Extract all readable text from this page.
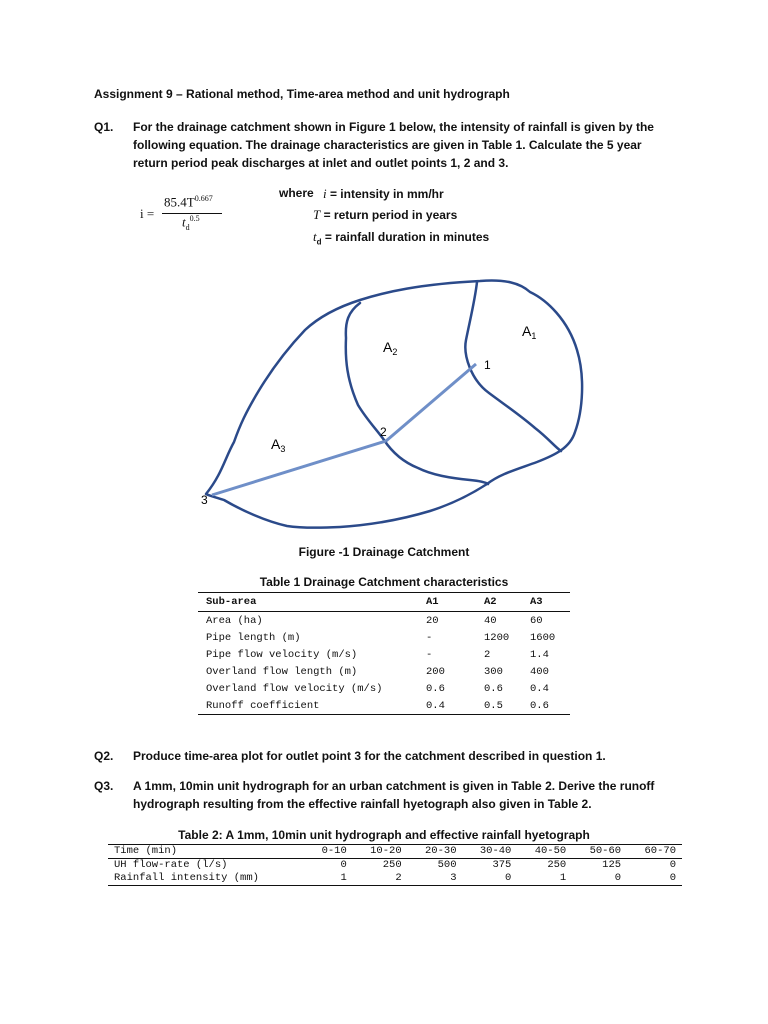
Assignment 9 – Rational method, Time-area method and unit hydrograph
Q1. For the drainage catchment shown in Figure 1 below, the intensity of rainfall is given by the following equation. The drainage characteristics are given in Table 1. Calculate the 5 year return period peak discharges at inlet and outlet points 1, 2 and 3.
i =
$85.4T^{0.667}$
$t_d^{0.5}$
where i = intensity in mm/hr
T = return period in years
$t_d$ = rainfall duration in minutes
$A_1$
$A_2$
$A_3$
1
2
3
Figure -1 Drainage Catchment
Table 1 Drainage Catchment characteristics
Sub-area	A1	A2	A3
Area (ha)	20	40	60
Pipe length (m)	-	1200	1600
Pipe flow velocity (m/s)	-	2	1.4
Overland flow length (m)	200	300	400
Overland flow velocity (m/s)	0.6	0.6	0.4
Runoff coefficient	0.4	0.5	0.6
Q2. Produce time-area plot for outlet point 3 for the catchment described in question 1.
Q3. A 1mm, 10min unit hydrograph for an urban catchment is given in Table 2. Derive the runoff hydrograph resulting from the effective rainfall hyetograph also given in Table 2.
Table 2: A 1mm, 10min unit hydrograph and effective rainfall hyetograph
Time (min)	0-10	10-20	20-30	30-40	40-50	50-60	60-70
UH flow-rate (l/s)	0	250	500	375	250	125	0
Rainfall intensity (mm)	1	2	3	0	1	0	0
